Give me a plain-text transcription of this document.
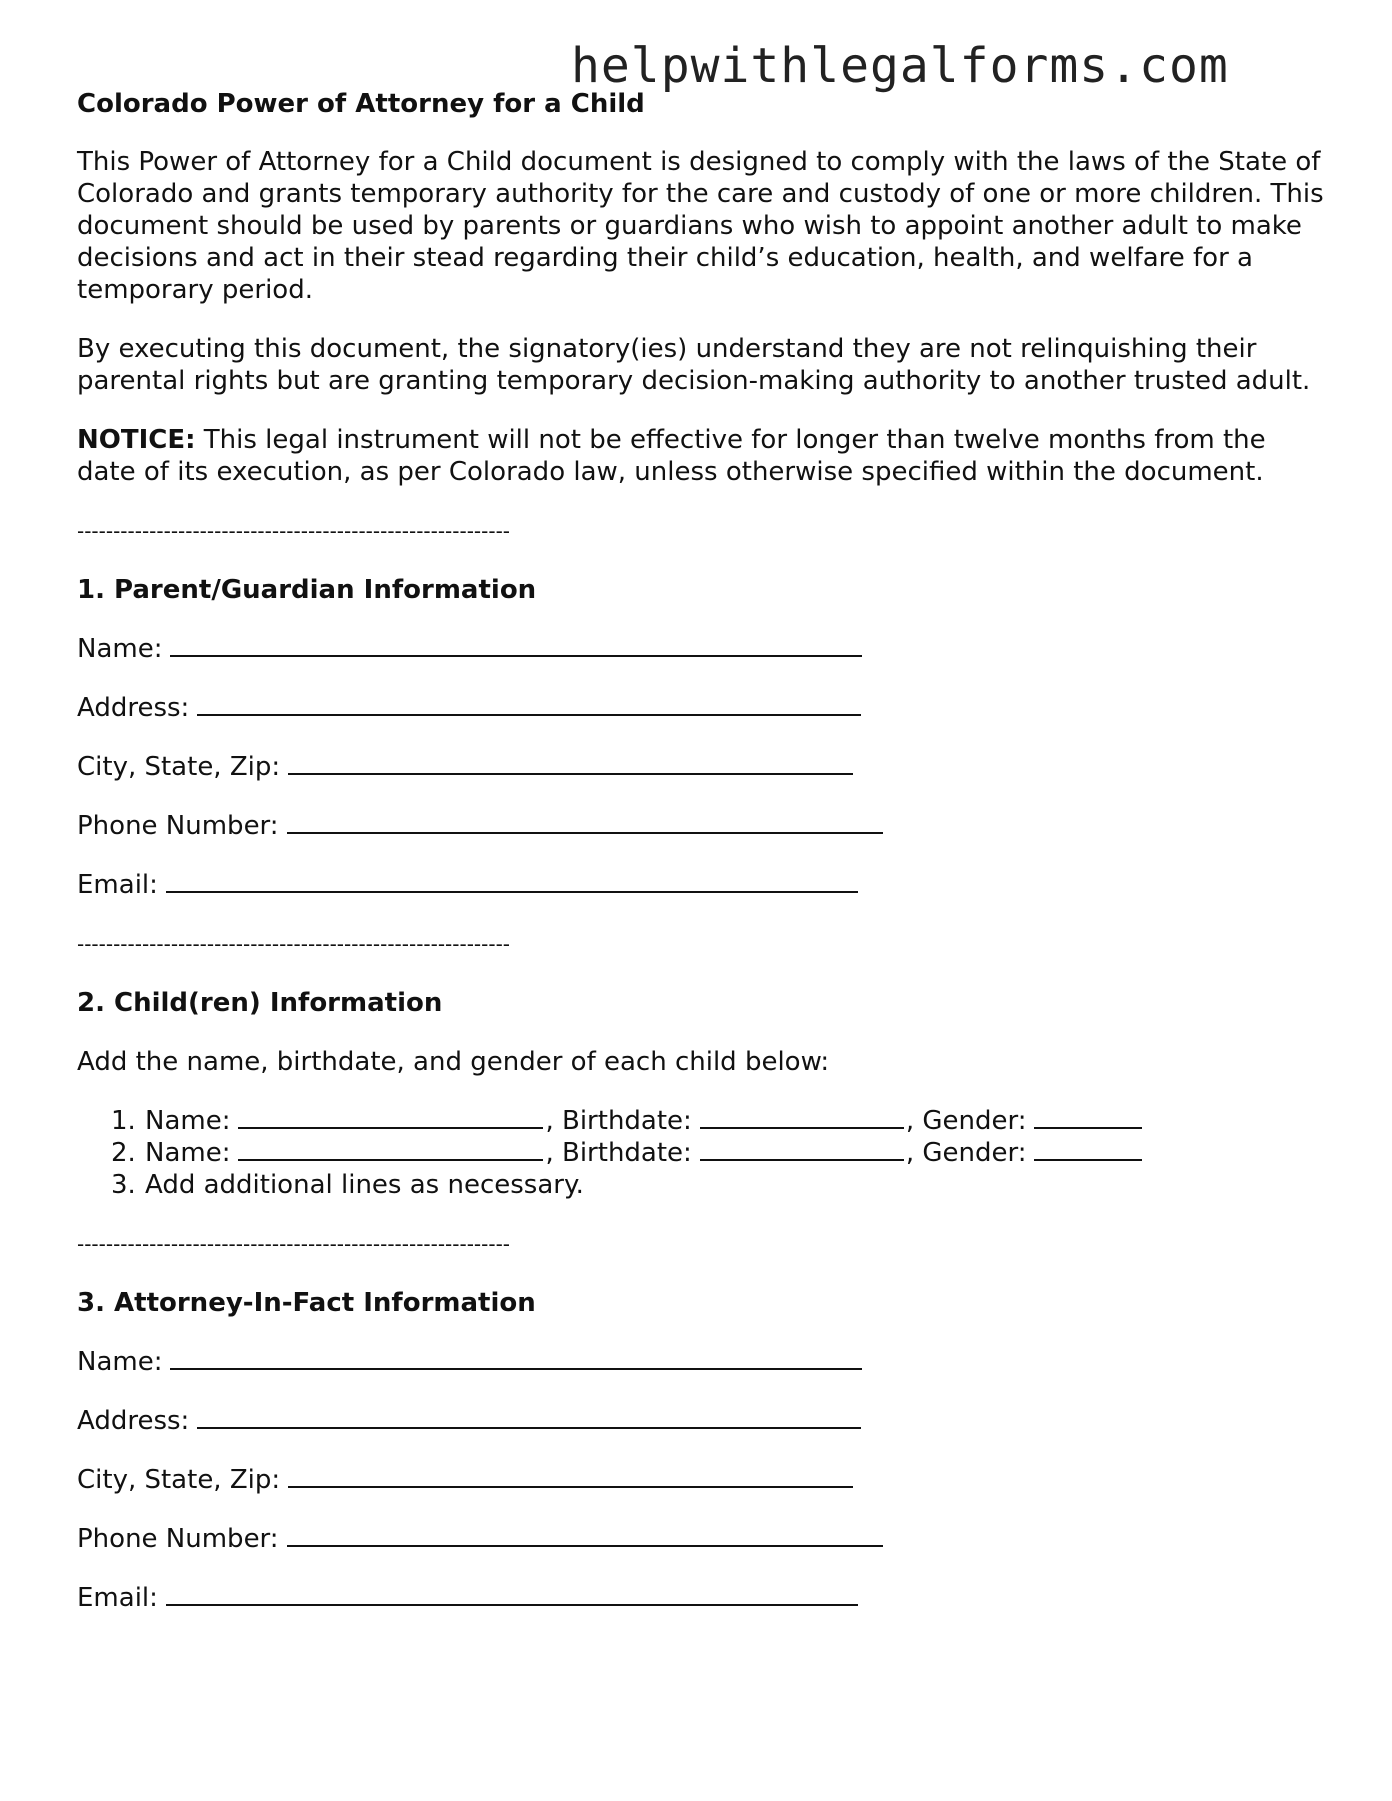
helpwithlegalforms.com
Colorado Power of Attorney for a Child

This Power of Attorney for a Child document is designed to comply with the laws of the State of Colorado and grants temporary authority for the care and custody of one or more children. This document should be used by parents or guardians who wish to appoint another adult to make decisions and act in their stead regarding their child’s education, health, and welfare for a temporary period.

By executing this document, the signatory(ies) understand they are not relinquishing their parental rights but are granting temporary decision-making authority to another trusted adult.

NOTICE: This legal instrument will not be effective for longer than twelve months from the date of its execution, as per Colorado law, unless otherwise specified within the document.

------------------------------------------------------------
1. Parent/Guardian Information
Name:
Address:
City, State, Zip:
Phone Number:
Email:
------------------------------------------------------------
2. Child(ren) Information

Add the name, birthdate, and gender of each child below:

1. Name:	, Birthdate:	, Gender:
2. Name:	, Birthdate:	, Gender:
3. Add additional lines as necessary.
------------------------------------------------------------
3. Attorney-In-Fact Information
Name:
Address:
City, State, Zip:
Phone Number:
Email:
